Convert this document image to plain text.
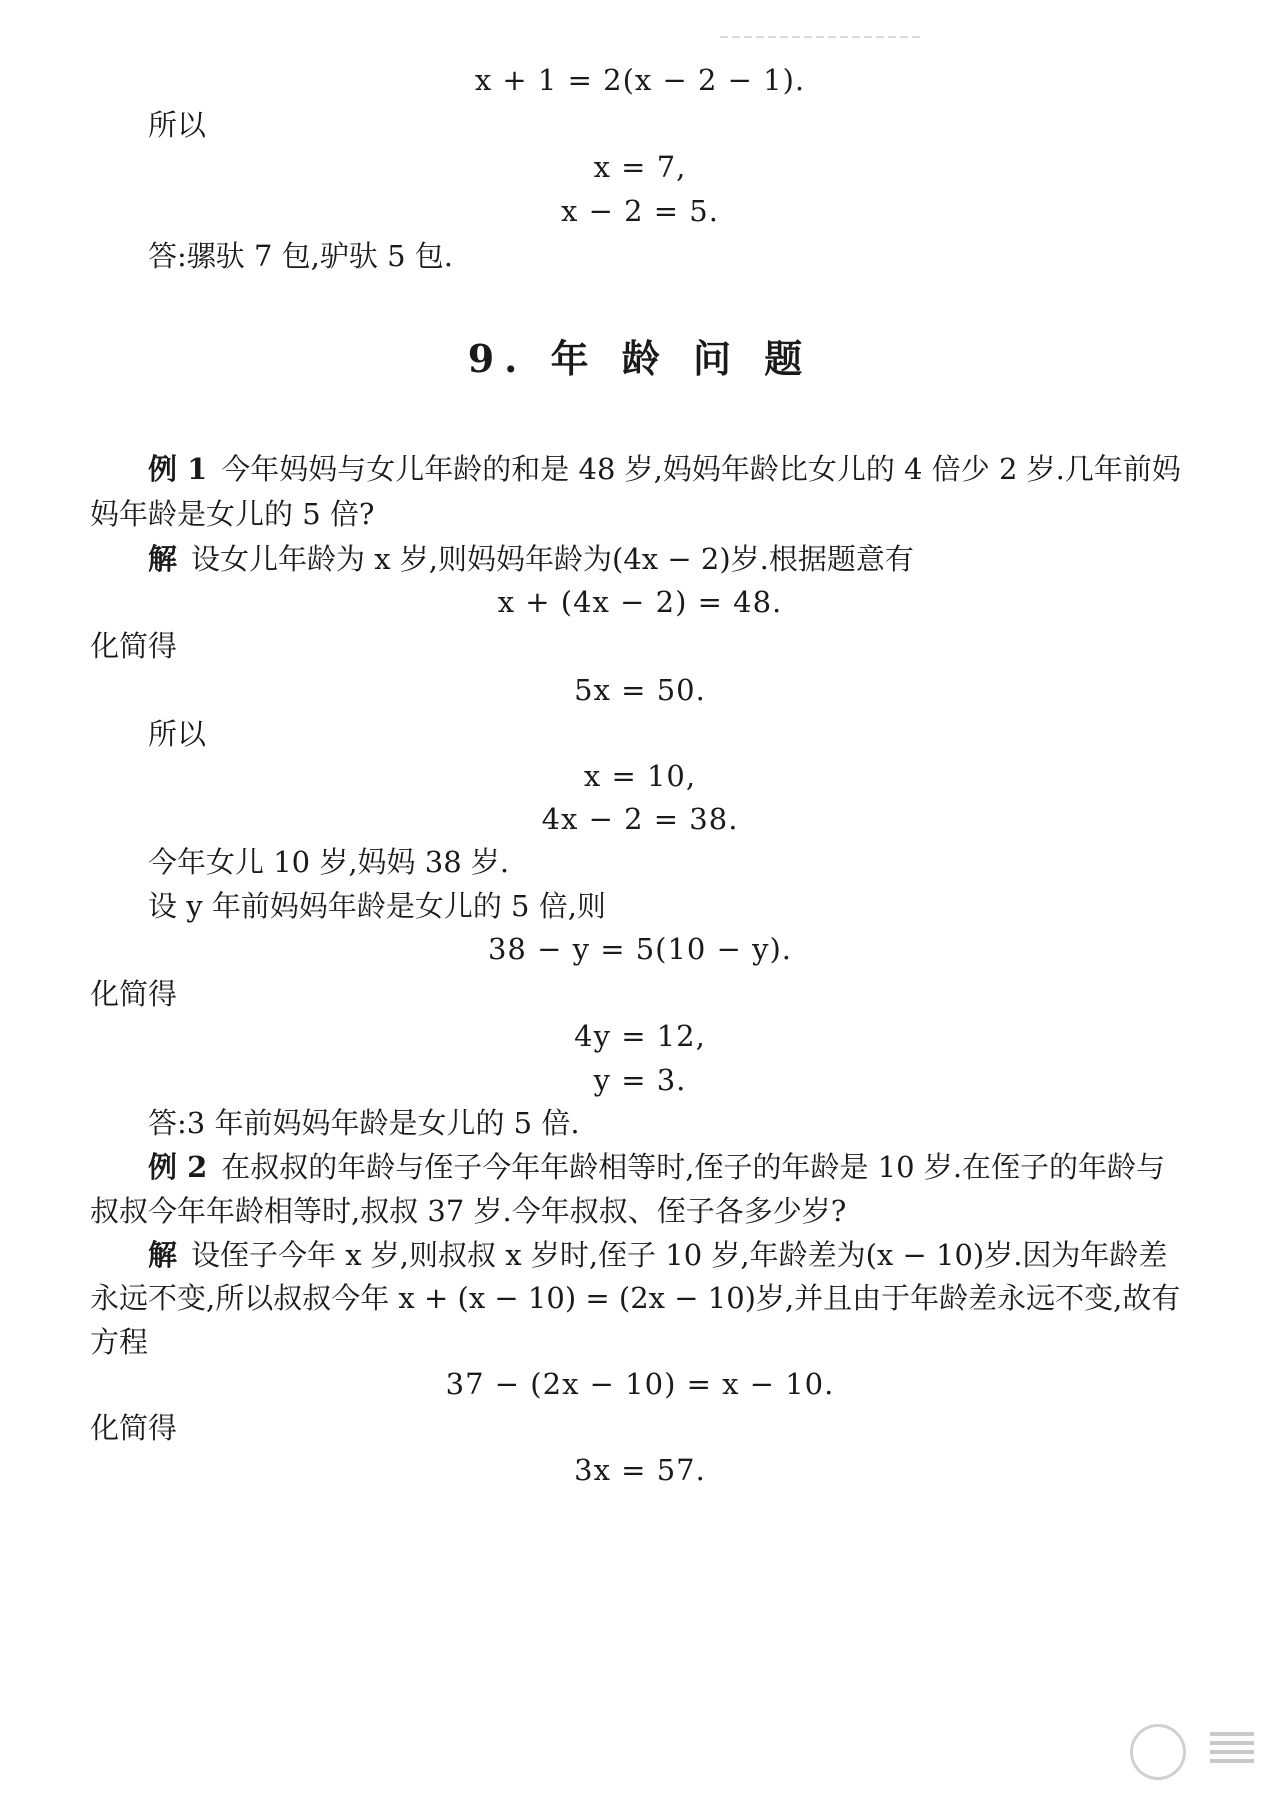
x + 1 = 2(x − 2 − 1).
所以
x = 7,
x − 2 = 5.
答:骡驮 7 包,驴驮 5 包.
9. 年 龄 问 题
例 1 今年妈妈与女儿年龄的和是 48 岁,妈妈年龄比女儿的 4 倍少 2 岁.几年前妈
妈年龄是女儿的 5 倍?
解 设女儿年龄为 x 岁,则妈妈年龄为(4x − 2)岁.根据题意有
x + (4x − 2) = 48.
化简得
5x = 50.
所以
x = 10,
4x − 2 = 38.
今年女儿 10 岁,妈妈 38 岁.
设 y 年前妈妈年龄是女儿的 5 倍,则
38 − y = 5(10 − y).
化简得
4y = 12,
y = 3.
答:3 年前妈妈年龄是女儿的 5 倍.
例 2 在叔叔的年龄与侄子今年年龄相等时,侄子的年龄是 10 岁.在侄子的年龄与
叔叔今年年龄相等时,叔叔 37 岁.今年叔叔、侄子各多少岁?
解 设侄子今年 x 岁,则叔叔 x 岁时,侄子 10 岁,年龄差为(x − 10)岁.因为年龄差
永远不变,所以叔叔今年 x + (x − 10) = (2x − 10)岁,并且由于年龄差永远不变,故有
方程
37 − (2x − 10) = x − 10.
化简得
3x = 57.
